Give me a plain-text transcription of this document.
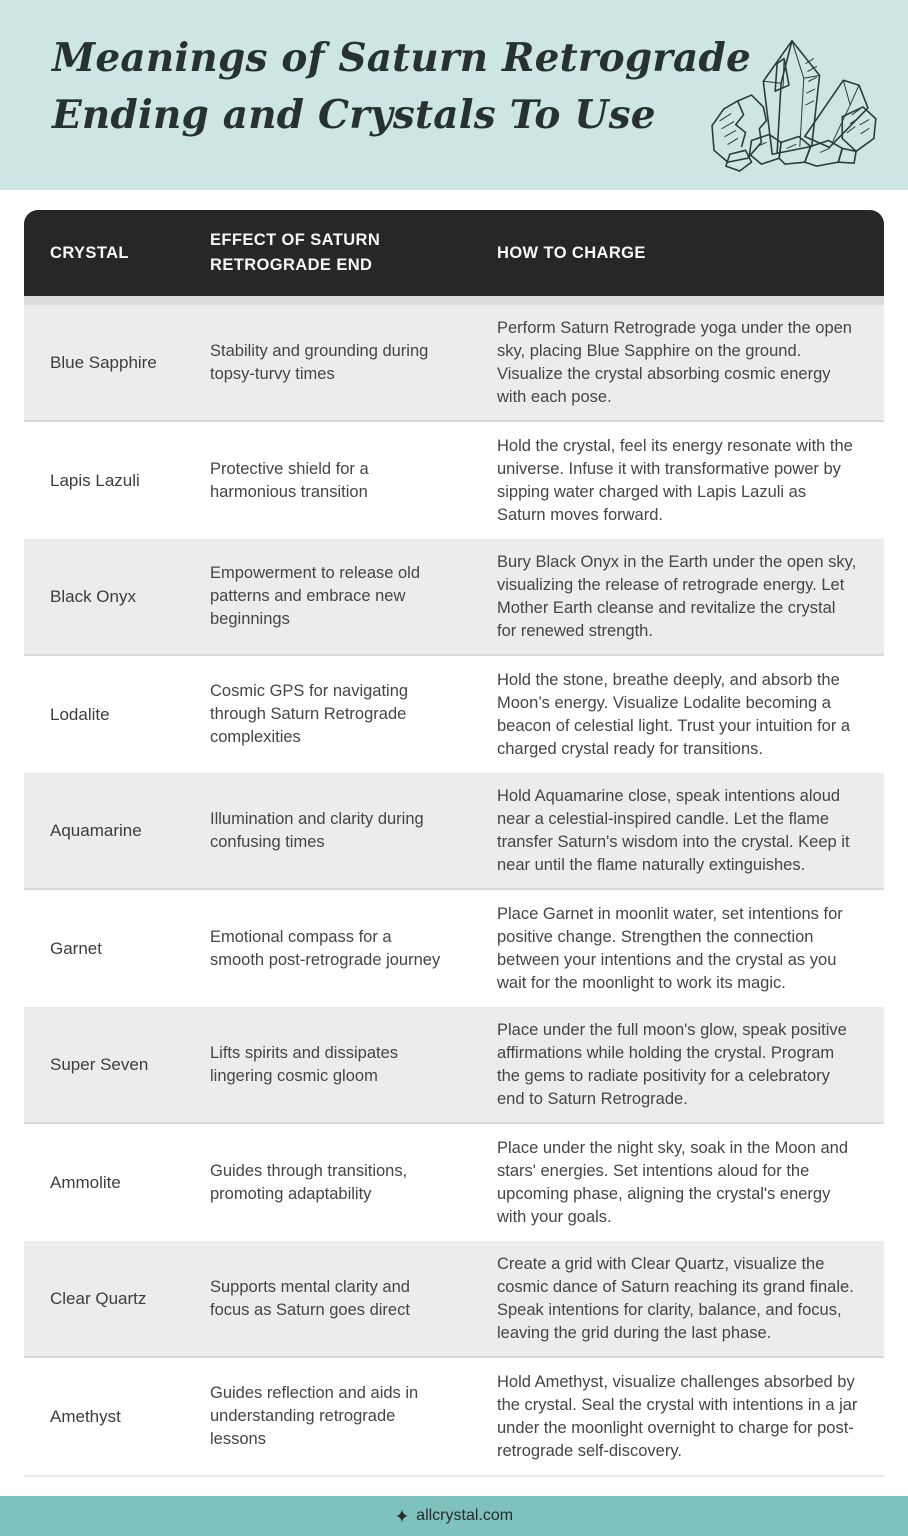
Meanings of Saturn Retrograde
Ending and Crystals To Use
CRYSTAL
EFFECT OF SATURN RETROGRADE END
HOW TO CHARGE
Blue Sapphire
Stability and grounding during topsy-turvy times
Perform Saturn Retrograde yoga under the open sky, placing Blue Sapphire on the ground. Visualize the crystal absorbing cosmic energy with each pose.
Lapis Lazuli
Protective shield for a harmonious transition
Hold the crystal, feel its energy resonate with the universe. Infuse it with transformative power by sipping water charged with Lapis Lazuli as Saturn moves forward.
Black Onyx
Empowerment to release old patterns and embrace new beginnings
Bury Black Onyx in the Earth under the open sky, visualizing the release of retrograde energy. Let Mother Earth cleanse and revitalize the crystal for renewed strength.
Lodalite
Cosmic GPS for navigating through Saturn Retrograde complexities
Hold the stone, breathe deeply, and absorb the Moon’s energy. Visualize Lodalite becoming a beacon of celestial light. Trust your intuition for a charged crystal ready for transitions.
Aquamarine
Illumination and clarity during confusing times
Hold Aquamarine close, speak intentions aloud near a celestial-inspired candle. Let the flame transfer Saturn's wisdom into the crystal. Keep it near until the flame naturally extinguishes.
Garnet
Emotional compass for a smooth post-retrograde journey
Place Garnet in moonlit water, set intentions for positive change. Strengthen the connection between your intentions and the crystal as you wait for the moonlight to work its magic.
Super Seven
Lifts spirits and dissipates lingering cosmic gloom
Place under the full moon's glow, speak positive affirmations while holding the crystal. Program the gems to radiate positivity for a celebratory end to Saturn Retrograde.
Ammolite
Guides through transitions, promoting adaptability
Place under the night sky, soak in the Moon and stars' energies. Set intentions aloud for the upcoming phase, aligning the crystal's energy with your goals.
Clear Quartz
Supports mental clarity and focus as Saturn goes direct
Create a grid with Clear Quartz, visualize the cosmic dance of Saturn reaching its grand finale. Speak intentions for clarity, balance, and focus, leaving the grid during the last phase.
Amethyst
Guides reflection and aids in understanding retrograde lessons
Hold Amethyst, visualize challenges absorbed by the crystal. Seal the crystal with intentions in a jar under the moonlight overnight to charge for post-retrograde self-discovery.
✦ allcrystal.com
